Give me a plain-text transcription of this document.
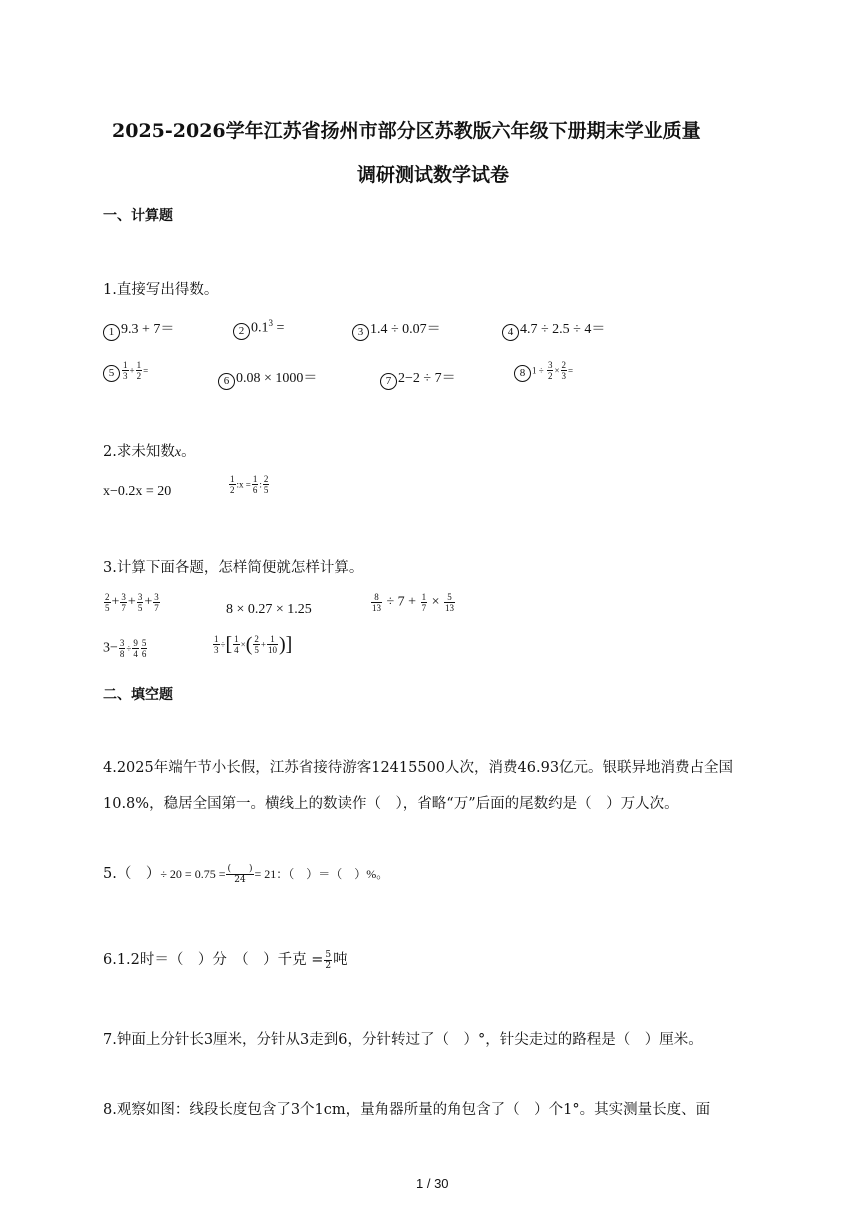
2025-2026学年江苏省扬州市部分区苏教版六年级下册期末学业质量
调研测试数学试卷
一、计算题
1.直接写出得数。
1 9.3 + 7＝	2 $0.1^3$ =	3 1.4 ÷ 0.07＝	4 4.7 ÷ 2.5 ÷ 4＝
$5 \frac{1}{3} + \frac{1}{2}$ =
6 0.08 × 1000＝	7 2−2 ÷ 7＝	8 $1 \div \frac{3}{2} \times \frac{2}{3}$ =
2.求未知数x。
x−0.2x = 20	$\frac{1}{2}$ :x = $\frac{1}{6}$ : $\frac{2}{5}$
3.计算下面各题，怎样简便就怎样计算。
$\frac{2}{5} + \frac{3}{7} + \frac{3}{5} + \frac{3}{7}$	8 × 0.27 × 1.25	$\frac{8}{13} \div 7 + \frac{1}{7} \times \frac{5}{13}$
$3- \frac{3}{8} \div \frac{9}{4} \frac{5}{6}$	$\frac{1}{3}$ ÷[ $\frac{1}{4}$ ×( $\frac{2}{5} + \frac{1}{10}$ )]
二、填空题
4.2025年端午节小长假，江苏省接待游客12415500人次，消费46.93亿元。银联异地消费占全国
10.8%，稳居全国第一。横线上的数读作（　），省略“万”后面的尾数约是（　）万人次。
5.（　）÷ $20 = 0.75 = \frac{( )}{24} = 21$：（　）＝（　）%。
6.1.2时＝（　）分　（　）千克 = $\frac{5}{2}$ 吨
7.钟面上分针长3厘米，分针从3走到6，分针转过了（　）°，针尖走过的路程是（　）厘米。
8.观察如图：线段长度包含了3个1cm，量角器所量的角包含了（　）个1°。其实测量长度、面
1 / 30
